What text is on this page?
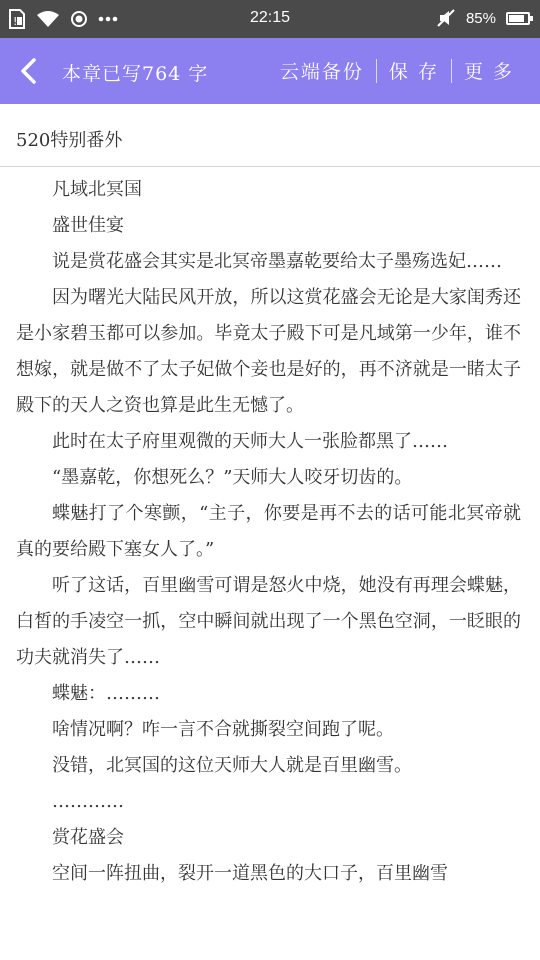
!	22:15	85%
本章已写764 字	云端备份	保 存	更 多
520特别番外

凡域北冥国

盛世佳宴

说是赏花盛会其实是北冥帝墨嘉乾要给太子墨殇选妃……

因为曙光大陆民风开放，所以这赏花盛会无论是大家闺秀还是小家碧玉都可以参加。毕竟太子殿下可是凡域第一少年，谁不想嫁，就是做不了太子妃做个妾也是好的，再不济就是一睹太子殿下的天人之资也算是此生无憾了。

此时在太子府里观微的天师大人一张脸都黑了……

“墨嘉乾，你想死么？”天师大人咬牙切齿的。

蝶魅打了个寒颤，“主子，你要是再不去的话可能北冥帝就真的要给殿下塞女人了。”

听了这话，百里幽雪可谓是怒火中烧，她没有再理会蝶魅，白皙的手凌空一抓，空中瞬间就出现了一个黑色空洞，一眨眼的功夫就消失了……

蝶魅：………

啥情况啊？咋一言不合就撕裂空间跑了呢。

没错，北冥国的这位天师大人就是百里幽雪。

…………

赏花盛会

空间一阵扭曲，裂开一道黑色的大口子，百里幽雪
